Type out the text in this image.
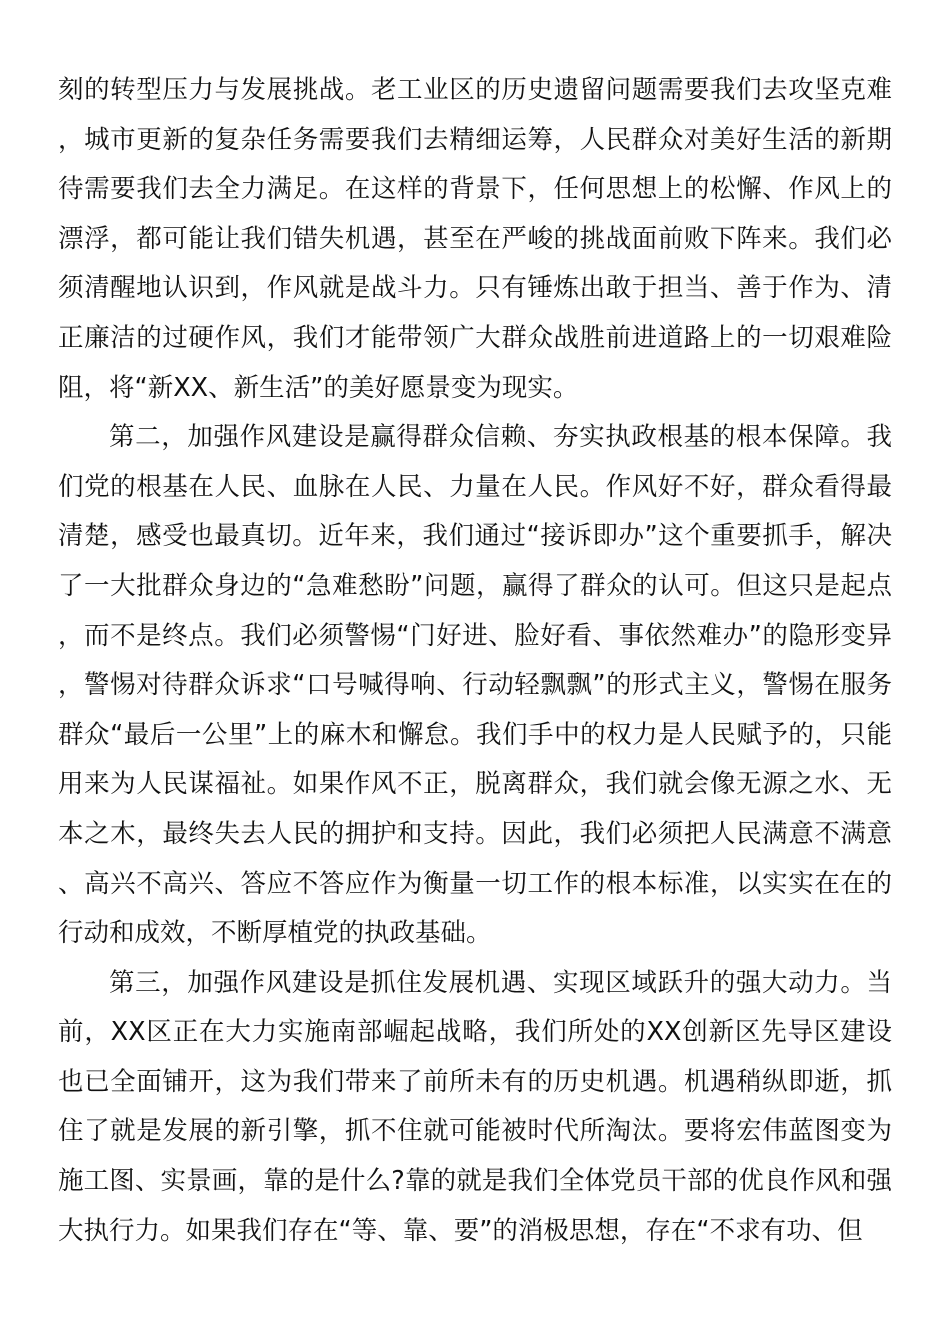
刻的转型压力与发展挑战。老工业区的历史遗留问题需要我们去攻坚克难，城市更新的复杂任务需要我们去精细运筹，人民群众对美好生活的新期待需要我们去全力满足。在这样的背景下，任何思想上的松懈、作风上的漂浮，都可能让我们错失机遇，甚至在严峻的挑战面前败下阵来。我们必须清醒地认识到，作风就是战斗力。只有锤炼出敢于担当、善于作为、清正廉洁的过硬作风，我们才能带领广大群众战胜前进道路上的一切艰难险阻，将“新XX、新生活”的美好愿景变为现实。

第二，加强作风建设是赢得群众信赖、夯实执政根基的根本保障。我们党的根基在人民、血脉在人民、力量在人民。作风好不好，群众看得最清楚，感受也最真切。近年来，我们通过“接诉即办”这个重要抓手，解决了一大批群众身边的“急难愁盼”问题，赢得了群众的认可。但这只是起点，而不是终点。我们必须警惕“门好进、脸好看、事依然难办”的隐形变异，警惕对待群众诉求“口号喊得响、行动轻飘飘”的形式主义，警惕在服务群众“最后一公里”上的麻木和懈怠。我们手中的权力是人民赋予的，只能用来为人民谋福祉。如果作风不正，脱离群众，我们就会像无源之水、无本之木，最终失去人民的拥护和支持。因此，我们必须把人民满意不满意、高兴不高兴、答应不答应作为衡量一切工作的根本标准，以实实在在的行动和成效，不断厚植党的执政基础。

第三，加强作风建设是抓住发展机遇、实现区域跃升的强大动力。当前，XX区正在大力实施南部崛起战略，我们所处的XX创新区先导区建设也已全面铺开，这为我们带来了前所未有的历史机遇。机遇稍纵即逝，抓住了就是发展的新引擎，抓不住就可能被时代所淘汰。要将宏伟蓝图变为施工图、实景画，靠的是什么?靠的就是我们全体党员干部的优良作风和强大执行力。如果我们存在“等、靠、要”的消极思想，存在“不求有功、但
